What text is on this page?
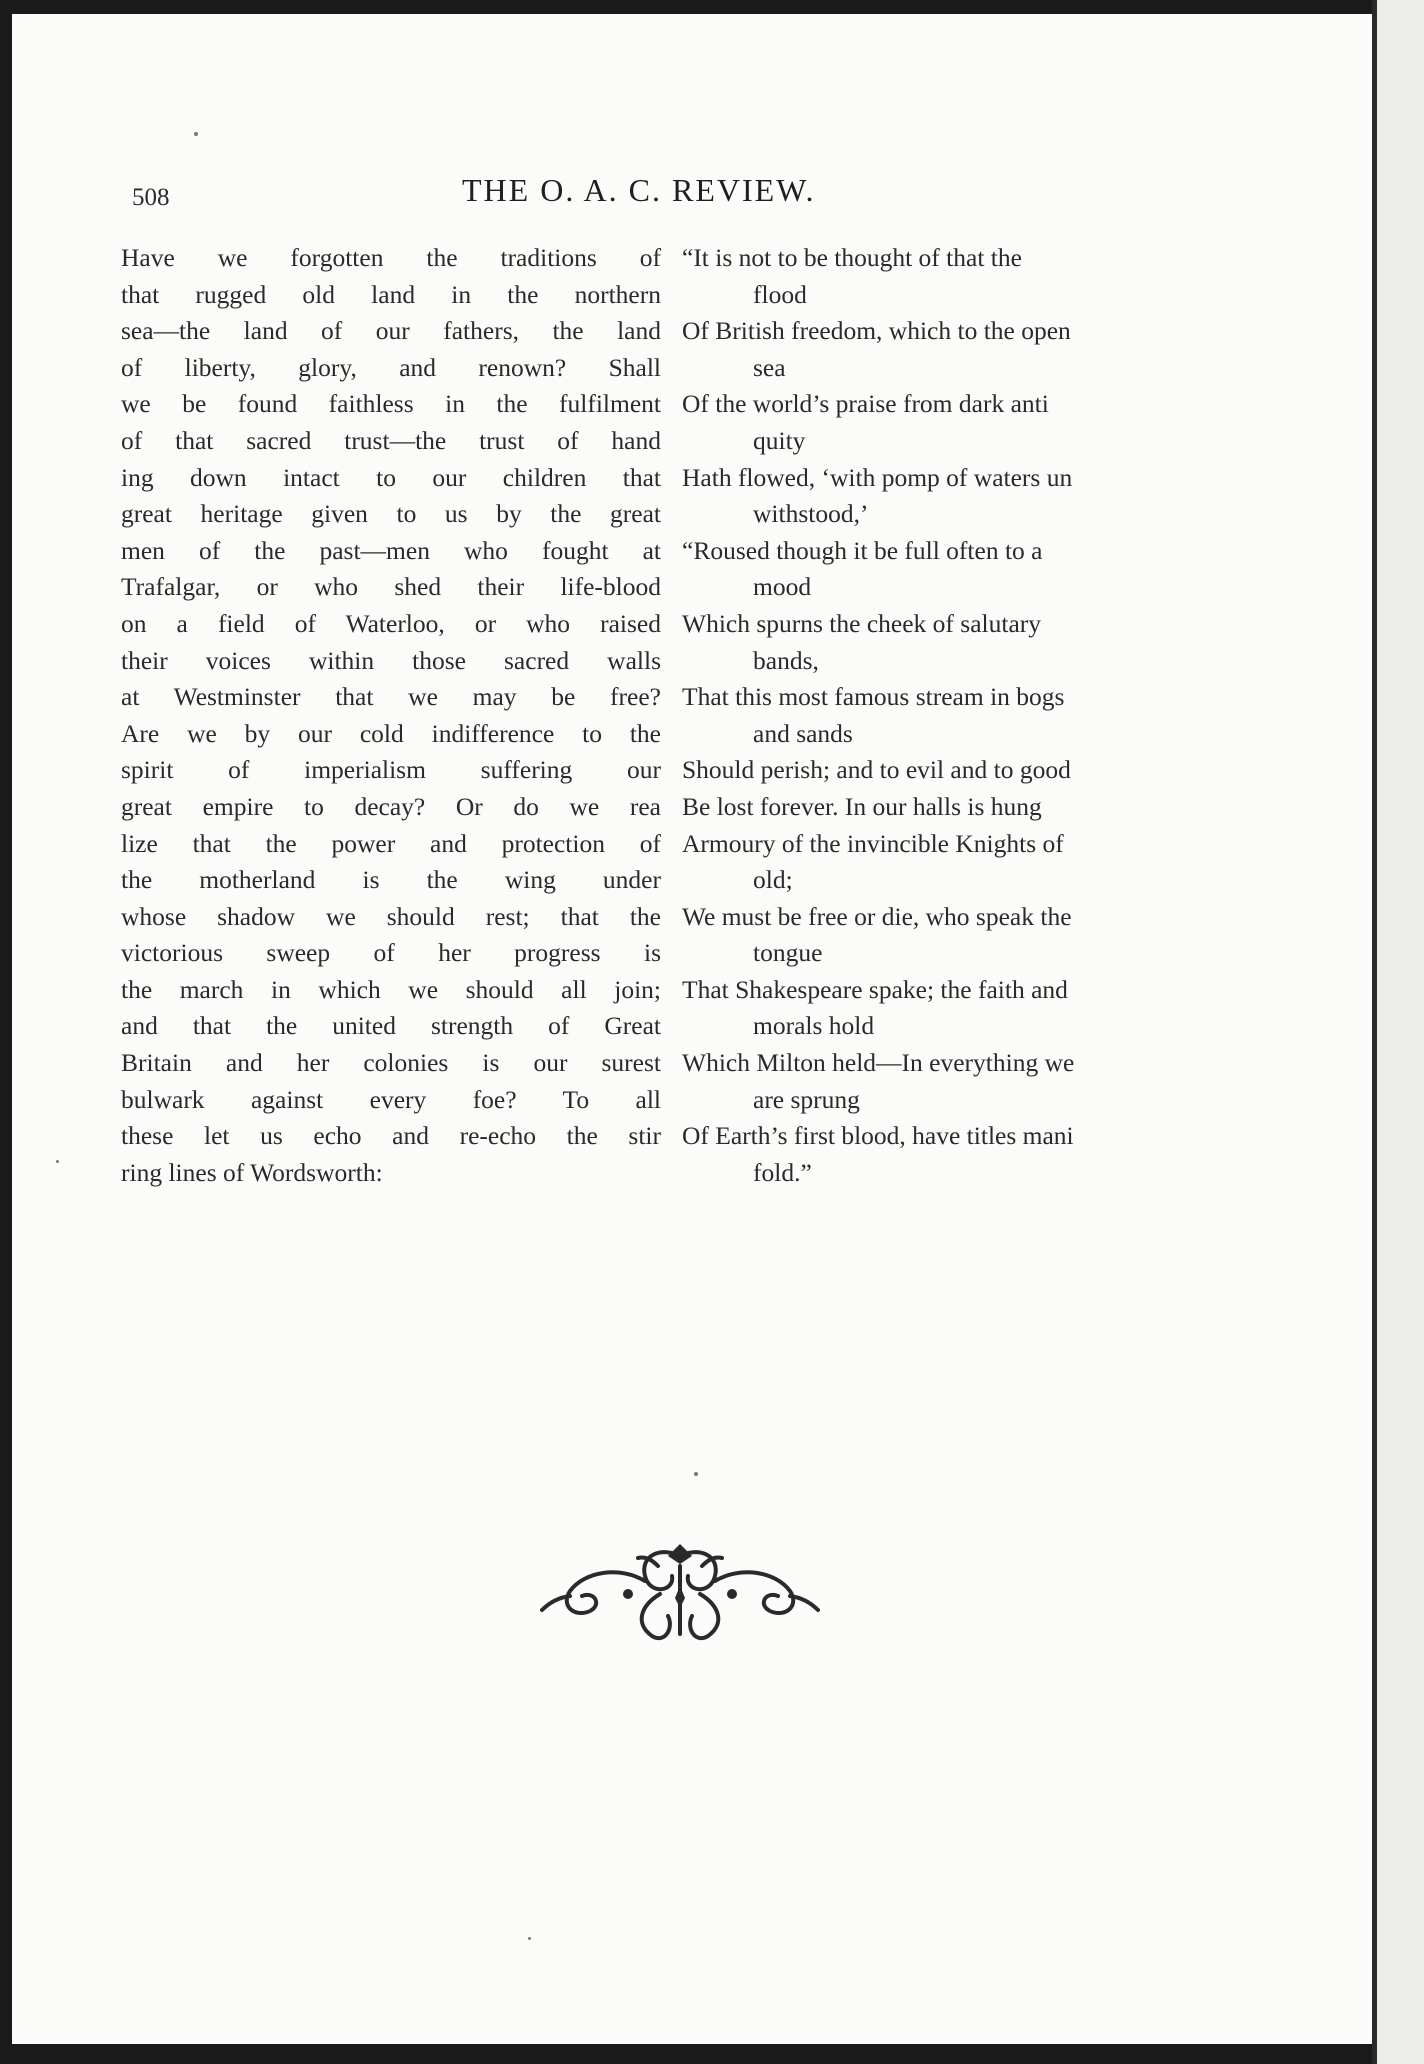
508	THE O. A. C. REVIEW.
Have we forgotten the traditions of
that rugged old land in the northern
sea—the land of our fathers, the land
of liberty, glory, and renown? Shall
we be found faithless in the fulfilment
of that sacred trust—the trust of hand
ing down intact to our children that
great heritage given to us by the great
men of the past—men who fought at
Trafalgar, or who shed their life-blood
on a field of Waterloo, or who raised
their voices within those sacred walls
at Westminster that we may be free?
Are we by our cold indifference to the
spirit of imperialism suffering our
great empire to decay? Or do we rea
lize that the power and protection of
the motherland is the wing under
whose shadow we should rest; that the
victorious sweep of her progress is
the march in which we should all join;
and that the united strength of Great
Britain and her colonies is our surest
bulwark against every foe? To all
these let us echo and re-echo the stir
ring lines of Wordsworth:
“It is not to be thought of that the
flood
Of British freedom, which to the open
sea
Of the world’s praise from dark anti
quity
Hath flowed, ‘with pomp of waters un
withstood,’
“Roused though it be full often to a
mood
Which spurns the cheek of salutary
bands,
That this most famous stream in bogs
and sands
Should perish; and to evil and to good
Be lost forever. In our halls is hung
Armoury of the invincible Knights of
old;
We must be free or die, who speak the
tongue
That Shakespeare spake; the faith and
morals hold
Which Milton held—In everything we
are sprung
Of Earth’s first blood, have titles mani
fold.”
